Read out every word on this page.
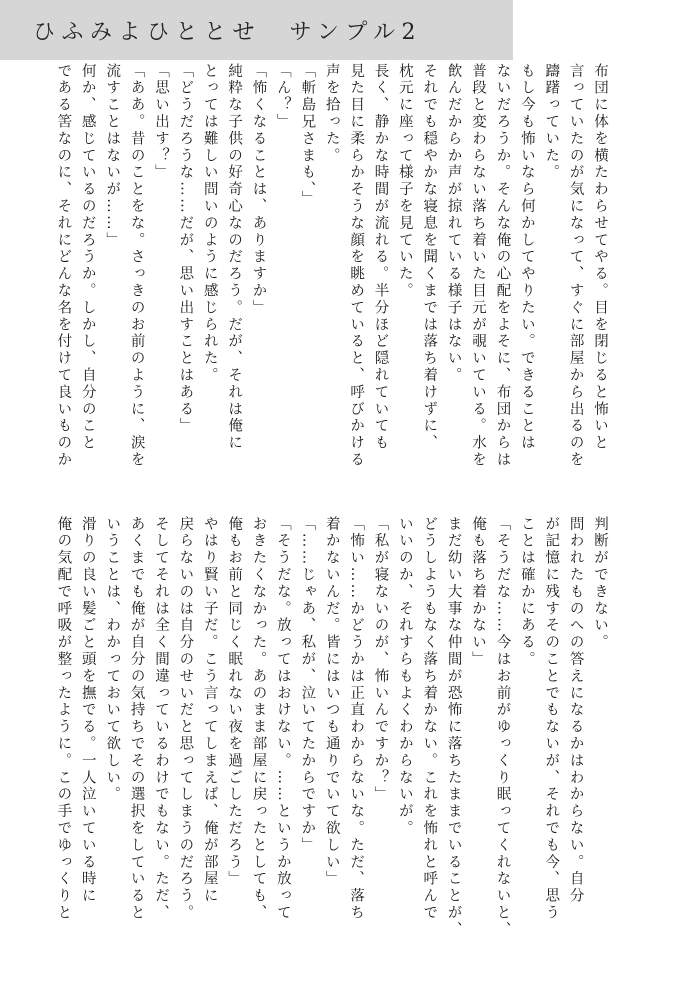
ひふみよひととせ　サンプル2
布団に体を横たわらせてやる。目を閉じると怖いと
言っていたのが気になって、すぐに部屋から出るのを
躊躇っていた。
もし今も怖いなら何かしてやりたい。できることは
ないだろうか。そんな俺の心配をよそに、布団からは
普段と変わらない落ち着いた目元が覗いている。水を
飲んだからか声が掠れている様子はない。
それでも穏やかな寝息を聞くまでは落ち着けずに、
枕元に座って様子を見ていた。
長く、静かな時間が流れる。半分ほど隠れていても
見た目に柔らかそうな顔を眺めていると、呼びかける
声を拾った。
「斬島兄さまも、」
「ん？」
「怖くなることは、ありますか」
純粋な子供の好奇心なのだろう。だが、それは俺に
とっては難しい問いのように感じられた。
「どうだろうな……だが、思い出すことはある」
「思い出す？」
「ああ。昔のことをな。さっきのお前のように、涙を
流すことはないが……」
何か、感じているのだろうか。しかし、自分のこと
である筈なのに、それにどんな名を付けて良いものか
判断ができない。
問われたものへの答えになるかはわからない。自分
が記憶に残すそのことでもないが、それでも今、思う
ことは確かにある。
「そうだな……今はお前がゆっくり眠ってくれないと、
俺も落ち着かない」
まだ幼い大事な仲間が恐怖に落ちたままでいることが、
どうしようもなく落ち着かない。これを怖れと呼んで
いいのか、それすらもよくわからないが。
「私が寝ないのが、怖いんですか？」
「怖い……かどうかは正直わからないな。ただ、落ち
着かないんだ。皆にはいつも通りでいて欲しい」
「……じゃあ、私が、泣いてたからですか」
「そうだな。放ってはおけない。……というか放って
おきたくなかった。あのまま部屋に戻ったとしても、
俺もお前と同じく眠れない夜を過ごしただろう」
やはり賢い子だ。こう言ってしまえば、俺が部屋に
戻らないのは自分のせいだと思ってしまうのだろう。
そしてそれは全く間違っているわけでもない。ただ、
あくまでも俺が自分の気持ちでその選択をしていると
いうことは、わかっておいて欲しい。
滑りの良い髪ごと頭を撫でる。一人泣いている時に
俺の気配で呼吸が整ったように。この手でゆっくりと
